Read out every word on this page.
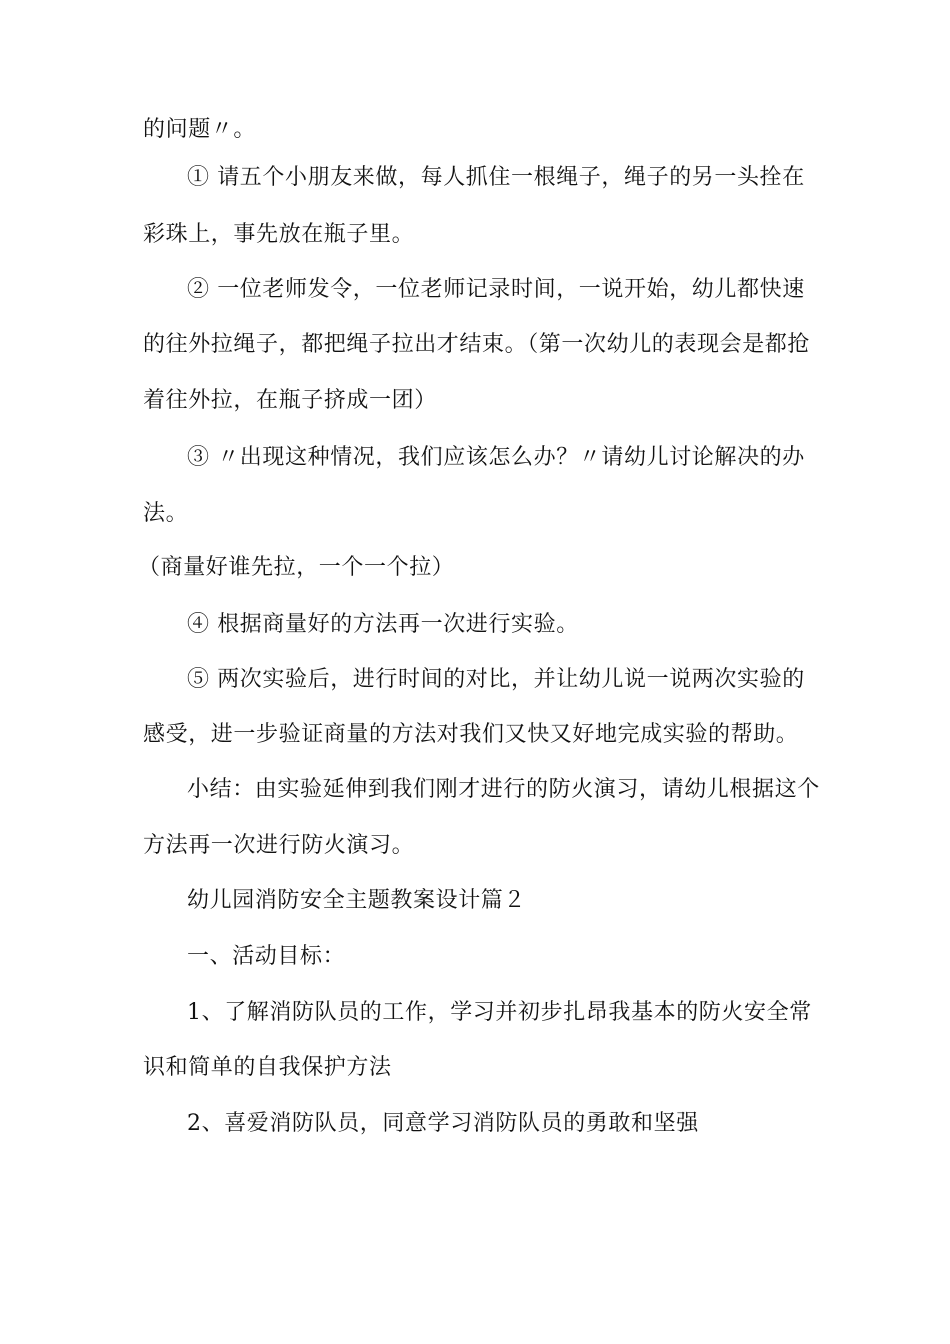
的问题〃。
① 请五个小朋友来做，每人抓住一根绳子，绳子的另一头拴在
彩珠上，事先放在瓶子里。
② 一位老师发令，一位老师记录时间，一说开始，幼儿都快速
的往外拉绳子，都把绳子拉出才结束。（第一次幼儿的表现会是都抢
着往外拉，在瓶子挤成一团）
③ 〃出现这种情况，我们应该怎么办？〃请幼儿讨论解决的办
法。
（商量好谁先拉，一个一个拉）
④ 根据商量好的方法再一次进行实验。
⑤ 两次实验后，进行时间的对比，并让幼儿说一说两次实验的
感受，进一步验证商量的方法对我们又快又好地完成实验的帮助。
小结：由实验延伸到我们刚才进行的防火演习，请幼儿根据这个
方法再一次进行防火演习。
幼儿园消防安全主题教案设计篇２
一、活动目标：
1、了解消防队员的工作，学习并初步扎昂我基本的防火安全常
识和简单的自我保护方法
2、喜爱消防队员，同意学习消防队员的勇敢和坚强
